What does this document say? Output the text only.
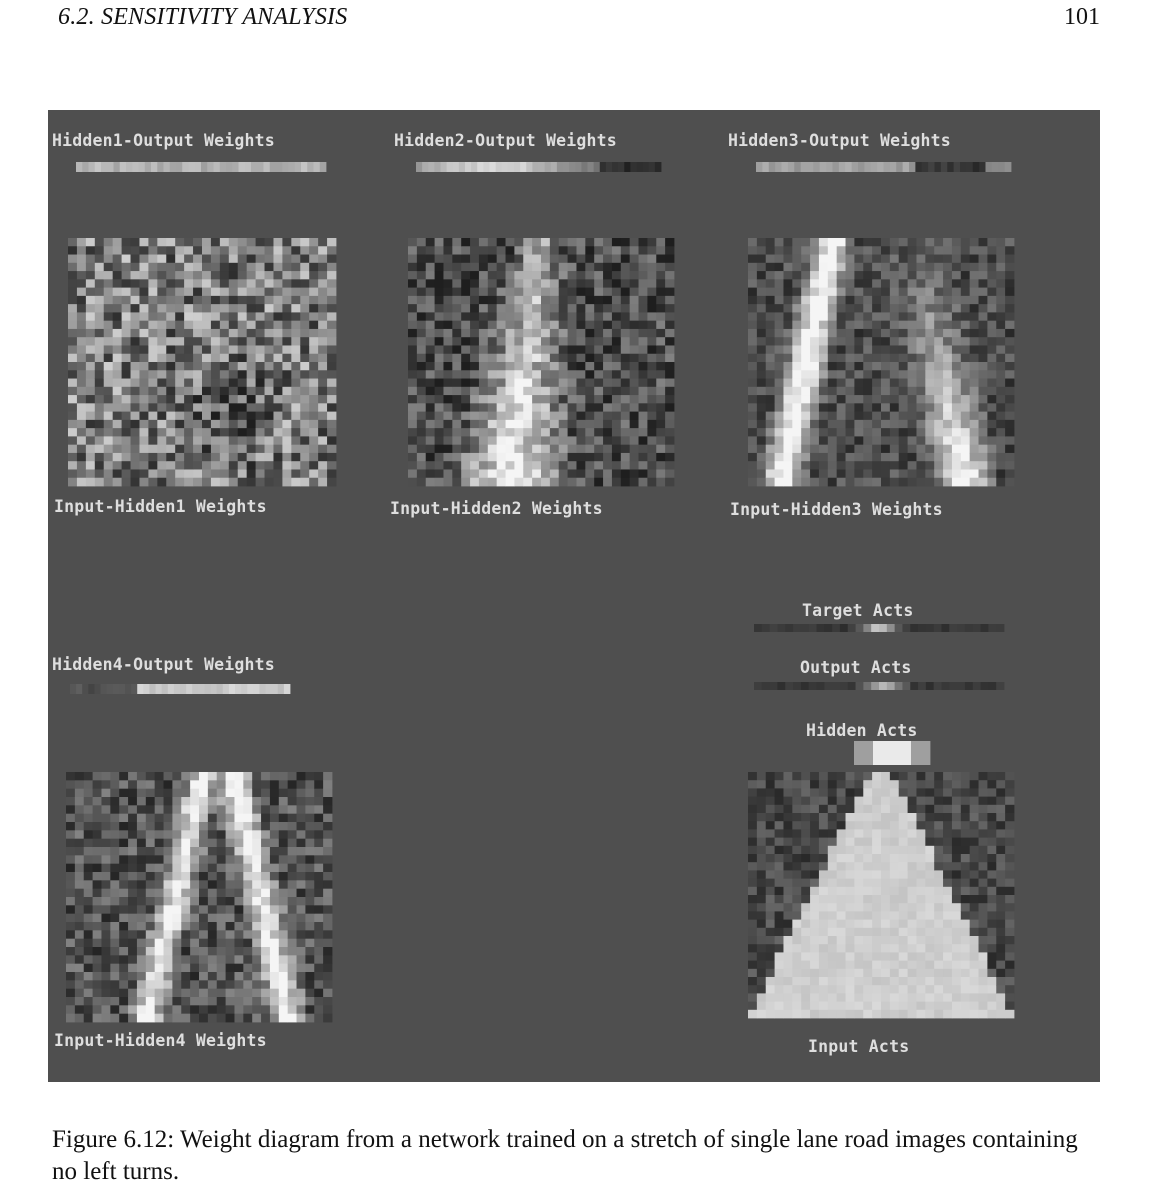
6.2. SENSITIVITY ANALYSIS	101
Hidden1-Output Weights	Hidden2-Output Weights	Hidden3-Output Weights
Hidden4-Output Weights
Input-Hidden1 Weights	Input-Hidden2 Weights	Input-Hidden3 Weights
Input-Hidden4 Weights
Target Acts
Output Acts
Hidden Acts
Input Acts
Figure 6.12: Weight diagram from a network trained on a stretch of single lane road images containing no left turns.
